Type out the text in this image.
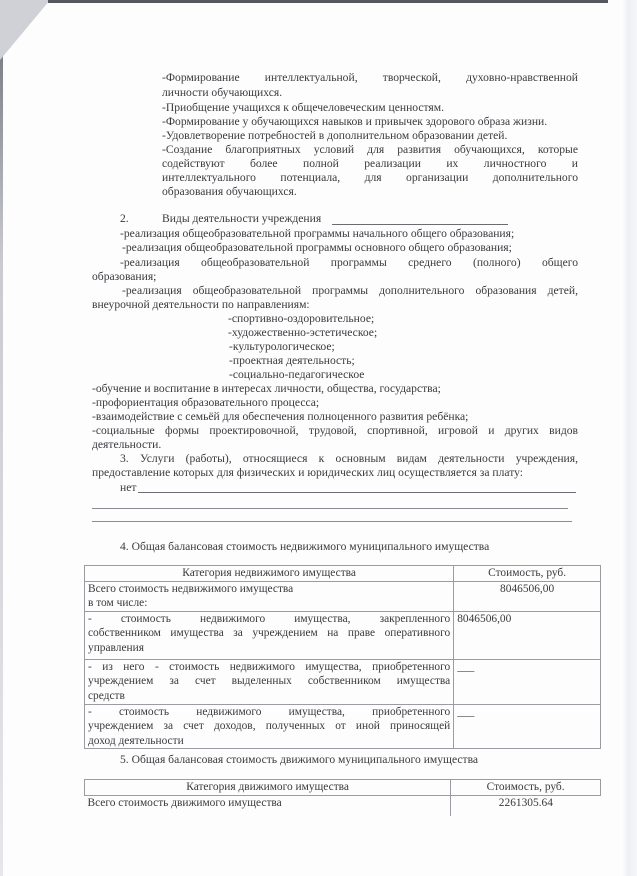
-Формирование интеллектуальной, творческой, духовно-нравственной
личности обучающихся.
-Приобщение учащихся к общечеловеческим ценностям.
-Формирование у обучающихся навыков и привычек здорового образа жизни.
-Удовлетворение потребностей в дополнительном образовании детей.
-Создание благоприятных условий для развития обучающихся, которые
содействуют более полной реализации их личностного и
интеллектуального потенциала, для организации дополнительного
образования обучающихся.
2.	Виды деятельности учреждения
-реализация общеобразовательной программы начального общего образования;
-реализация общеобразовательной программы основного общего образования;
-реализация общеобразовательной программы среднего (полного) общего
образования;
-реализация общеобразовательной программы дополнительного образования детей,
внеурочной деятельности по направлениям:
-спортивно-оздоровительное;
-художественно-эстетическое;
-культурологическое;
-проектная деятельность;
-социально-педагогическое
-обучение и воспитание в интересах личности, общества, государства;
-профориентация образовательного процесса;
-взаимодействие с семьёй для обеспечения полноценного развития ребёнка;
-социальные формы проектировочной, трудовой, спортивной, игровой и других видов
деятельности.
3. Услуги (работы), относящиеся к основным видам деятельности учреждения,
предоставление которых для физических и юридических лиц осуществляется за плату:
нет
4. Общая балансовая стоимость недвижимого муниципального имущества
Категория недвижимого имущества	Стоимость, руб.

Всего стоимость недвижимого имущества
в том числе:	8046506,00

- стоимость недвижимого имущества, закрепленного
собственником имущества за учреждением на праве оперативного
управления	8046506,00

- из него - стоимость недвижимого имущества, приобретенного
учреждением за счет выделенных собственником имущества
средств	___

- стоимость недвижимого имущества, приобретенного
учреждением за счет доходов, полученных от иной приносящей
доход деятельности	___
5. Общая балансовая стоимость движимого муниципального имущества
Категория движимого имущества	Стоимость, руб.
Всего стоимость движимого имущества	2261305.64
